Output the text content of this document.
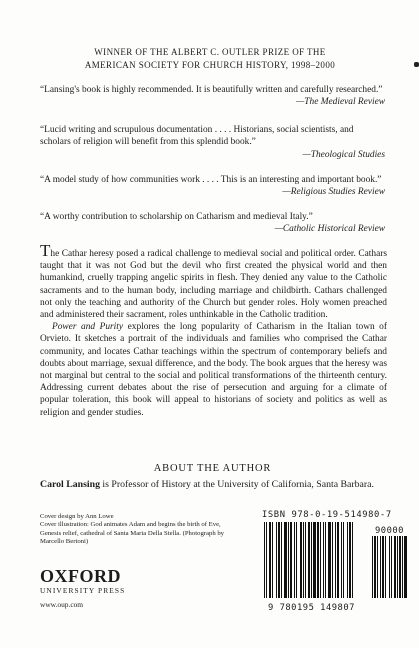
WINNER OF THE ALBERT C. OUTLER PRIZE OF THE
AMERICAN SOCIETY FOR CHURCH HISTORY, 1998–2000
“Lansing's book is highly recommended. It is beautifully written and carefully researched.”
—The Medieval Review
“Lucid writing and scrupulous documentation . . . . Historians, social scientists, and scholars of religion will benefit from this splendid book.”
—Theological Studies
“A model study of how communities work . . . . This is an interesting and important book.”
—Religious Studies Review
“A worthy contribution to scholarship on Catharism and medieval Italy.”
—Catholic Historical Review

The Cathar heresy posed a radical challenge to medieval social and political order. Cathars taught that it was not God but the devil who first created the physical world and then humankind, cruelly trapping angelic spirits in flesh. They denied any value to the Catholic sacraments and to the human body, including marriage and childbirth. Cathars challenged not only the teaching and authority of the Church but gender roles. Holy women preached and administered their sacrament, roles unthinkable in the Catholic tradition.

Power and Purity explores the long popularity of Catharism in the Italian town of Orvieto. It sketches a portrait of the individuals and families who comprised the Cathar community, and locates Cathar teachings within the spectrum of contemporary beliefs and doubts about marriage, sexual difference, and the body. The book argues that the heresy was not marginal but central to the social and political transformations of the thirteenth century. Addressing current debates about the rise of persecution and arguing for a climate of popular toleration, this book will appeal to historians of society and politics as well as religion and gender studies.

ABOUT THE AUTHOR
Carol Lansing is Professor of History at the University of California, Santa Barbara.
Cover design by Ann Lowe
Cover illustration: God animates Adam and begins the birth of Eve, Genesis relief, cathedral of Santa Maria Della Stella. (Photograph by Marcello Bertoni)
OXFORD
UNIVERSITY PRESS
www.oup.com
ISBN 978-0-19-514980-7
90000
9 780195 149807
